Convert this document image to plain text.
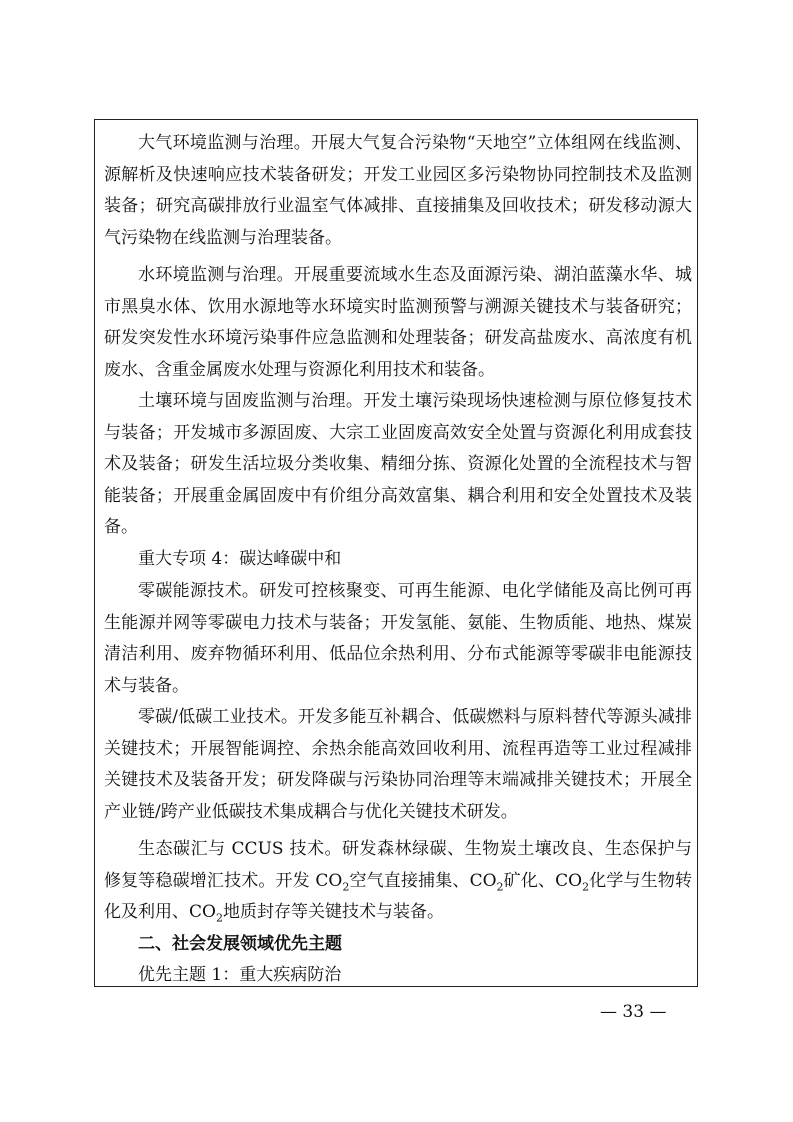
大气环境监测与治理。开展大气复合污染物“天地空”立体组网在线监测、源解析及快速响应技术装备研发；开发工业园区多污染物协同控制技术及监测装备；研究高碳排放行业温室气体减排、直接捕集及回收技术；研发移动源大气污染物在线监测与治理装备。
水环境监测与治理。开展重要流域水生态及面源污染、湖泊蓝藻水华、城市黑臭水体、饮用水源地等水环境实时监测预警与溯源关键技术与装备研究；研发突发性水环境污染事件应急监测和处理装备；研发高盐废水、高浓度有机废水、含重金属废水处理与资源化利用技术和装备。
土壤环境与固废监测与治理。开发土壤污染现场快速检测与原位修复技术与装备；开发城市多源固废、大宗工业固废高效安全处置与资源化利用成套技术及装备；研发生活垃圾分类收集、精细分拣、资源化处置的全流程技术与智能装备；开展重金属固废中有价组分高效富集、耦合利用和安全处置技术及装备。
重大专项 4：碳达峰碳中和
零碳能源技术。研发可控核聚变、可再生能源、电化学储能及高比例可再生能源并网等零碳电力技术与装备；开发氢能、氨能、生物质能、地热、煤炭清洁利用、废弃物循环利用、低品位余热利用、分布式能源等零碳非电能源技术与装备。
零碳/低碳工业技术。开发多能互补耦合、低碳燃料与原料替代等源头减排关键技术；开展智能调控、余热余能高效回收利用、流程再造等工业过程减排关键技术及装备开发；研发降碳与污染协同治理等末端减排关键技术；开展全产业链/跨产业低碳技术集成耦合与优化关键技术研发。
生态碳汇与 CCUS 技术。研发森林绿碳、生物炭土壤改良、生态保护与修复等稳碳增汇技术。开发 $CO_2$空气直接捕集、$CO_2$矿化、$CO_2$化学与生物转化及利用、$CO_2$地质封存等关键技术与装备。
二、社会发展领域优先主题
优先主题 1：重大疾病防治
— 33 —
